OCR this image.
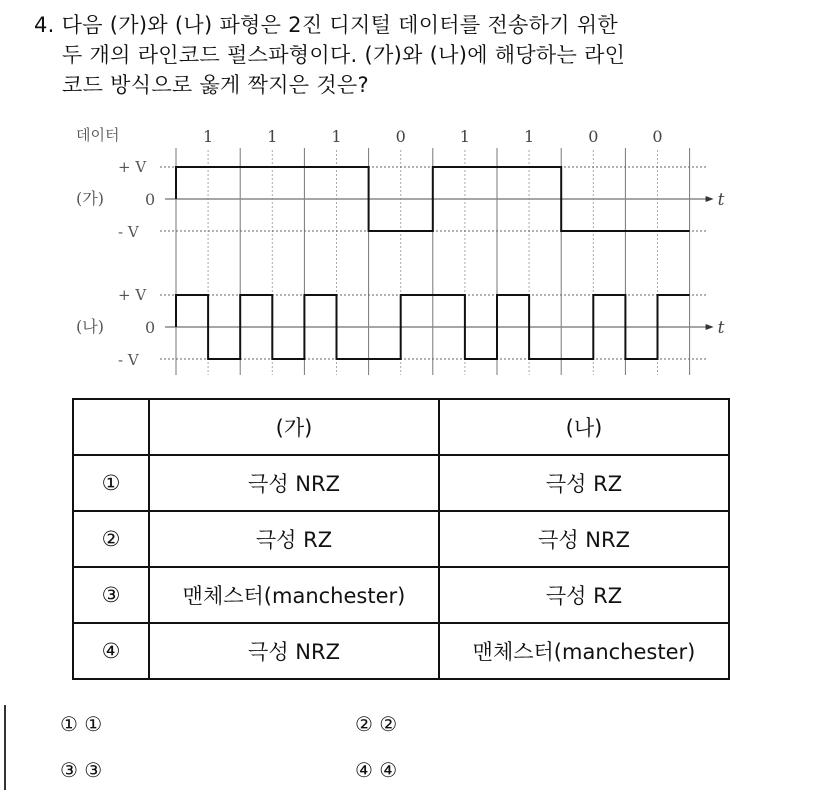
4. 다음 (가)와 (나) 파형은 2진 디지털 데이터를 전송하기 위한
두 개의 라인코드 펄스파형이다. (가)와 (나)에 해당하는 라인
코드 방식으로 옳게 짝지은 것은?
t
+ V
0
- V
t
+ V
0
- V
데이터	1	1	1	0	1	1	0	0
(가)
(나)
	(가)	(나)
①	극성 NRZ	극성 RZ
②	극성 RZ	극성 NRZ
③	맨체스터(manchester)	극성 RZ
④	극성 NRZ	맨체스터(manchester)
① ①	② ②
③ ③	④ ④
